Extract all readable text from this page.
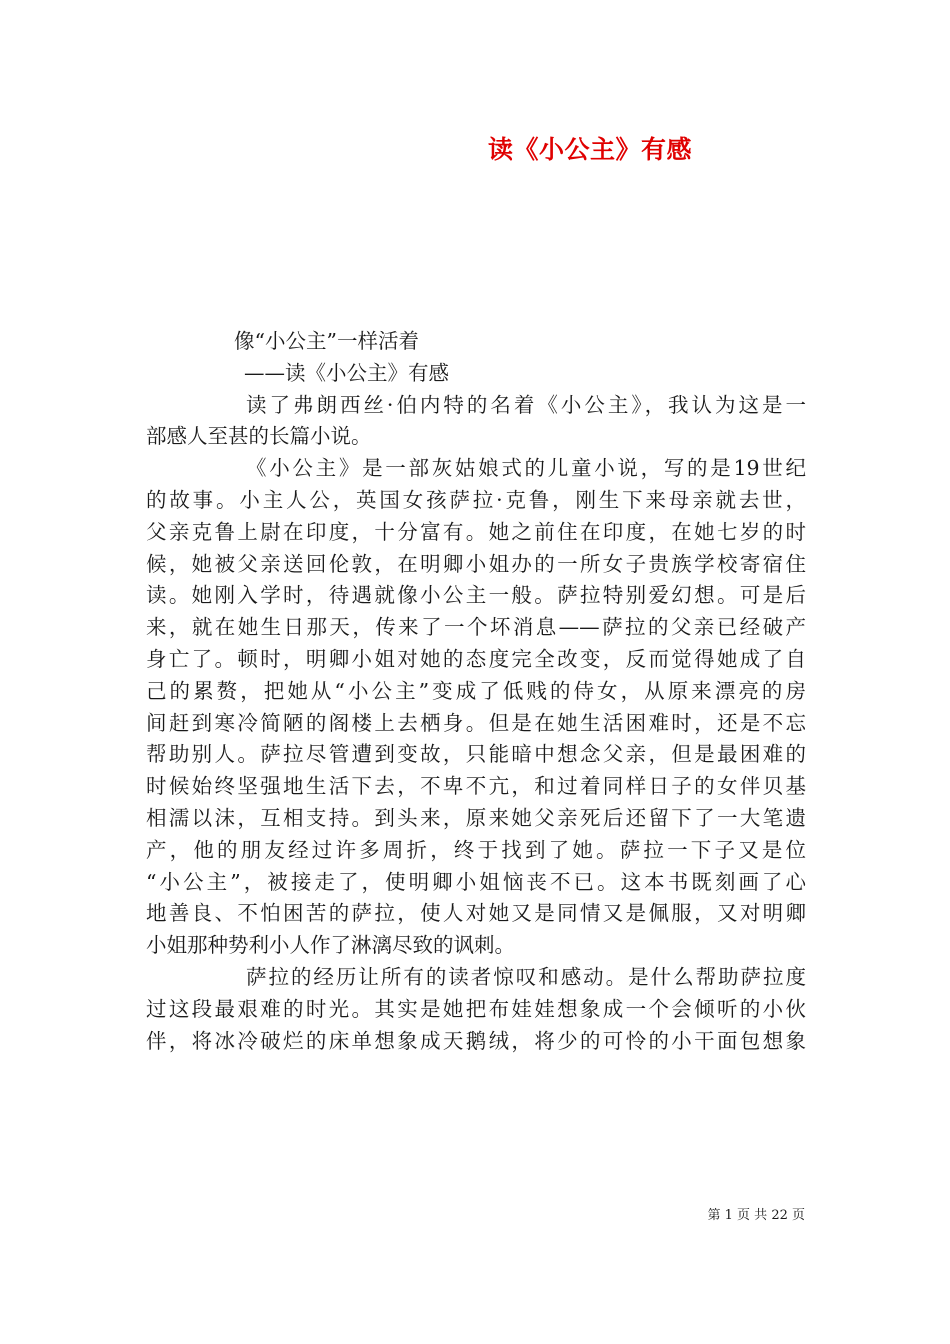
读《小公主》有感
像“小公主”一样活着
——读《小公主》有感
读了弗朗西丝·伯内特的名着《小公主》，我认为这是一
部感人至甚的长篇小说。
《小公主》是一部灰姑娘式的儿童小说，写的是19世纪
的故事。小主人公，英国女孩萨拉·克鲁，刚生下来母亲就去世，
父亲克鲁上尉在印度，十分富有。她之前住在印度，在她七岁的时
候，她被父亲送回伦敦，在明卿小姐办的一所女子贵族学校寄宿住
读。她刚入学时，待遇就像小公主一般。萨拉特别爱幻想。可是后
来，就在她生日那天，传来了一个坏消息——萨拉的父亲已经破产
身亡了。顿时，明卿小姐对她的态度完全改变，反而觉得她成了自
己的累赘，把她从“小公主”变成了低贱的侍女，从原来漂亮的房
间赶到寒冷简陋的阁楼上去栖身。但是在她生活困难时，还是不忘
帮助别人。萨拉尽管遭到变故，只能暗中想念父亲，但是最困难的
时候始终坚强地生活下去，不卑不亢，和过着同样日子的女伴贝基
相濡以沫，互相支持。到头来，原来她父亲死后还留下了一大笔遗
产，他的朋友经过许多周折，终于找到了她。萨拉一下子又是位
“小公主”，被接走了，使明卿小姐恼丧不已。这本书既刻画了心
地善良、不怕困苦的萨拉，使人对她又是同情又是佩服，又对明卿
小姐那种势利小人作了淋漓尽致的讽刺。
萨拉的经历让所有的读者惊叹和感动。是什么帮助萨拉度
过这段最艰难的时光。其实是她把布娃娃想象成一个会倾听的小伙
伴，将冰冷破烂的床单想象成天鹅绒，将少的可怜的小干面包想象
第 1 页 共 22 页
